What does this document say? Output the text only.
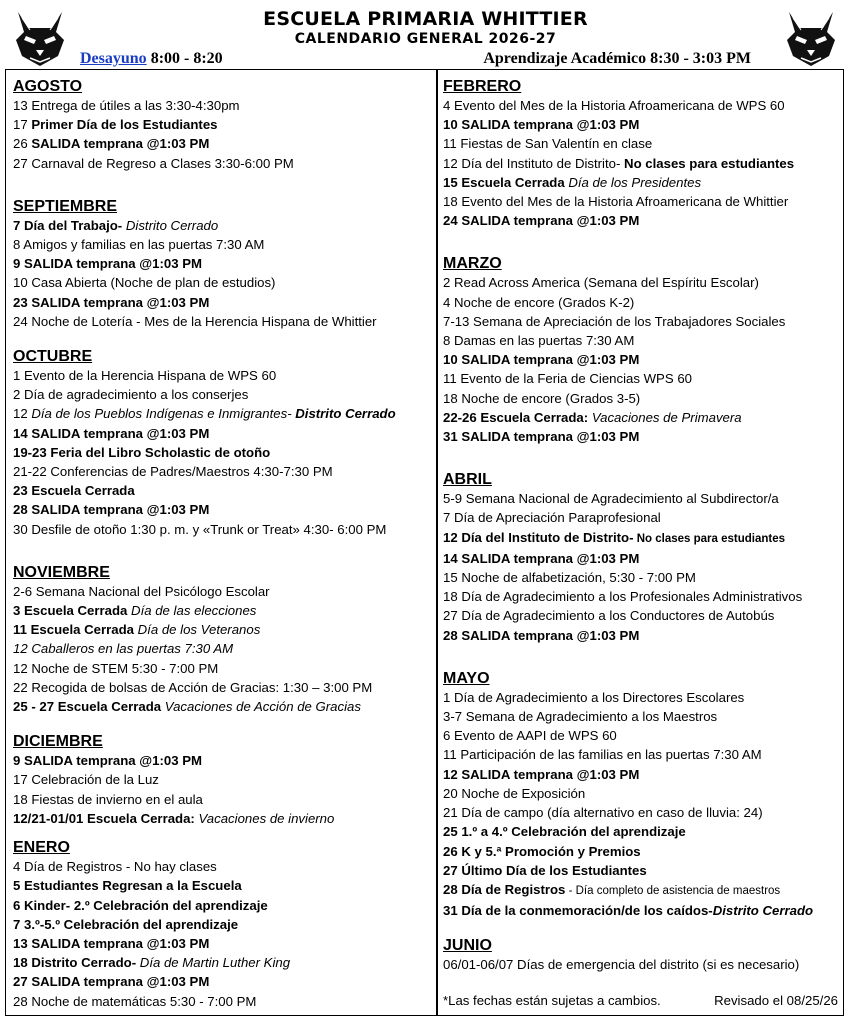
ESCUELA PRIMARIA WHITTIER
CALENDARIO GENERAL 2026-27
Desayuno 8:00 - 8:20	Aprendizaje Académico 8:30 - 3:03 PM
AGOSTO
13 Entrega de útiles a las 3:30-4:30pm
17 Primer Día de los Estudiantes
26 SALIDA temprana @1:03 PM
27 Carnaval de Regreso a Clases 3:30-6:00 PM
SEPTIEMBRE
7 Día del Trabajo- Distrito Cerrado
8 Amigos y familias en las puertas 7:30 AM
9 SALIDA temprana @1:03 PM
10 Casa Abierta (Noche de plan de estudios)
23 SALIDA temprana @1:03 PM
24 Noche de Lotería - Mes de la Herencia Hispana de Whittier
OCTUBRE
1 Evento de la Herencia Hispana de WPS 60
2 Día de agradecimiento a los conserjes
12 Día de los Pueblos Indígenas e Inmigrantes- Distrito Cerrado
14 SALIDA temprana @1:03 PM
19-23 Feria del Libro Scholastic de otoño
21-22 Conferencias de Padres/Maestros 4:30-7:30 PM
23 Escuela Cerrada
28 SALIDA temprana @1:03 PM
30 Desfile de otoño 1:30 p. m. y «Trunk or Treat» 4:30- 6:00 PM
NOVIEMBRE
2-6 Semana Nacional del Psicólogo Escolar
3 Escuela Cerrada Día de las elecciones
11 Escuela Cerrada Día de los Veteranos
12 Caballeros en las puertas 7:30 AM
12 Noche de STEM 5:30 - 7:00 PM
22 Recogida de bolsas de Acción de Gracias: 1:30 – 3:00 PM
25 - 27 Escuela Cerrada Vacaciones de Acción de Gracias
DICIEMBRE
9 SALIDA temprana @1:03 PM
17 Celebración de la Luz
18 Fiestas de invierno en el aula
12/21-01/01 Escuela Cerrada: Vacaciones de invierno
ENERO
4 Día de Registros - No hay clases
5 Estudiantes Regresan a la Escuela
6 Kinder- 2.º Celebración del aprendizaje
7 3.º-5.º Celebración del aprendizaje
13 SALIDA temprana @1:03 PM
18 Distrito Cerrado- Día de Martin Luther King
27 SALIDA temprana @1:03 PM
28 Noche de matemáticas 5:30 - 7:00 PM
FEBRERO
4 Evento del Mes de la Historia Afroamericana de WPS 60
10 SALIDA temprana @1:03 PM
11 Fiestas de San Valentín en clase
12 Día del Instituto de Distrito- No clases para estudiantes
15 Escuela Cerrada Día de los Presidentes
18 Evento del Mes de la Historia Afroamericana de Whittier
24 SALIDA temprana @1:03 PM
MARZO
2 Read Across America (Semana del Espíritu Escolar)
4 Noche de encore (Grados K-2)
7-13 Semana de Apreciación de los Trabajadores Sociales
8 Damas en las puertas 7:30 AM
10 SALIDA temprana @1:03 PM
11 Evento de la Feria de Ciencias WPS 60
18 Noche de encore (Grados 3-5)
22-26 Escuela Cerrada: Vacaciones de Primavera
31 SALIDA temprana @1:03 PM
ABRIL
5-9 Semana Nacional de Agradecimiento al Subdirector/a
7 Día de Apreciación Paraprofesional
12 Día del Instituto de Distrito- No clases para estudiantes
14 SALIDA temprana @1:03 PM
15 Noche de alfabetización, 5:30 - 7:00 PM
18 Día de Agradecimiento a los Profesionales Administrativos
27 Día de Agradecimiento a los Conductores de Autobús
28 SALIDA temprana @1:03 PM
MAYO
1 Día de Agradecimiento a los Directores Escolares
3-7 Semana de Agradecimiento a los Maestros
6 Evento de AAPI de WPS 60
11 Participación de las familias en las puertas 7:30 AM
12 SALIDA temprana @1:03 PM
20 Noche de Exposición
21 Día de campo (día alternativo en caso de lluvia: 24)
25 1.º a 4.º Celebración del aprendizaje
26 K y 5.ª Promoción y Premios
27 Último Día de los Estudiantes
28 Día de Registros - Día completo de asistencia de maestros
31 Día de la conmemoración/de los caídos-Distrito Cerrado
JUNIO
06/01-06/07 Días de emergencia del distrito (si es necesario)
*Las fechas están sujetas a cambios.	Revisado el 08/25/26
